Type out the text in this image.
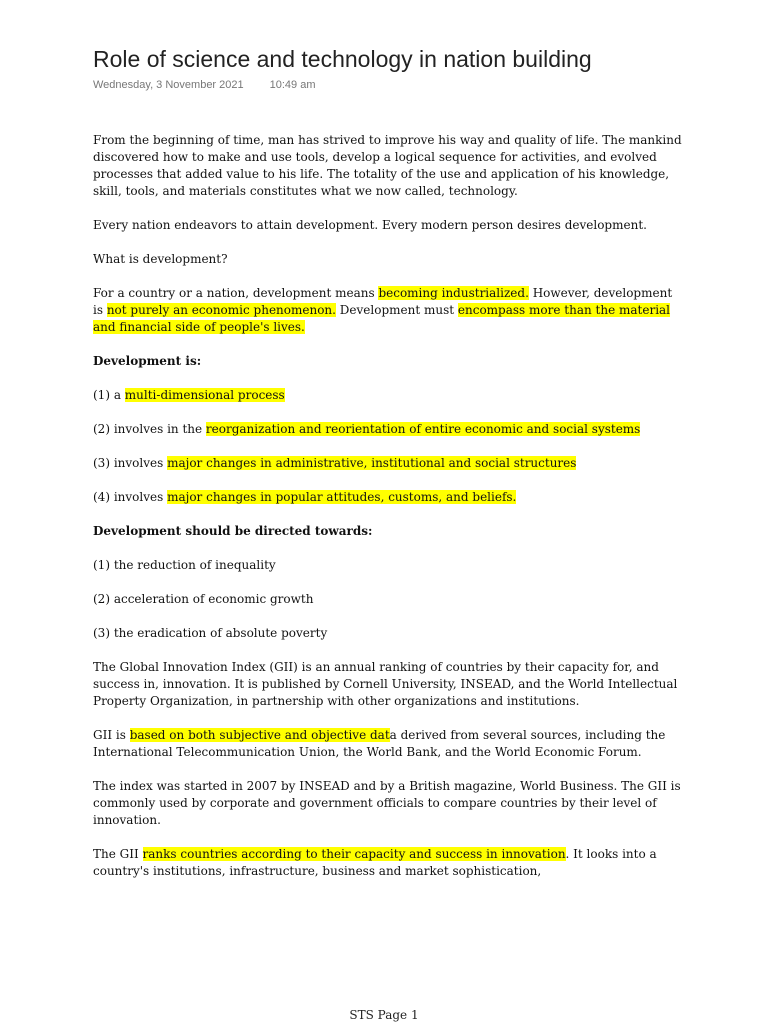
Role of science and technology in nation building
Wednesday, 3 November 2021 10:49 am

From the beginning of time, man has strived to improve his way and quality of life. The mankind discovered how to make and use tools, develop a logical sequence for activities, and evolved processes that added value to his life. The totality of the use and application of his knowledge, skill, tools, and materials constitutes what we now called, technology.

Every nation endeavors to attain development. Every modern person desires development.

What is development?

For a country or a nation, development means becoming industrialized. However, development is not purely an economic phenomenon. Development must encompass more than the material and financial side of people's lives.

Development is:

(1) a multi-dimensional process

(2) involves in the reorganization and reorientation of entire economic and social systems

(3) involves major changes in administrative, institutional and social structures

(4) involves major changes in popular attitudes, customs, and beliefs.

Development should be directed towards:

(1) the reduction of inequality

(2) acceleration of economic growth

(3) the eradication of absolute poverty

The Global Innovation Index (GII) is an annual ranking of countries by their capacity for, and success in, innovation. It is published by Cornell University, INSEAD, and the World Intellectual Property Organization, in partnership with other organizations and institutions.

GII is based on both subjective and objective data derived from several sources, including the International Telecommunication Union, the World Bank, and the World Economic Forum.

The index was started in 2007 by INSEAD and by a British magazine, World Business. The GII is commonly used by corporate and government officials to compare countries by their level of innovation.

The GII ranks countries according to their capacity and success in innovation. It looks into a country's institutions, infrastructure, business and market sophistication,

STS Page 1
